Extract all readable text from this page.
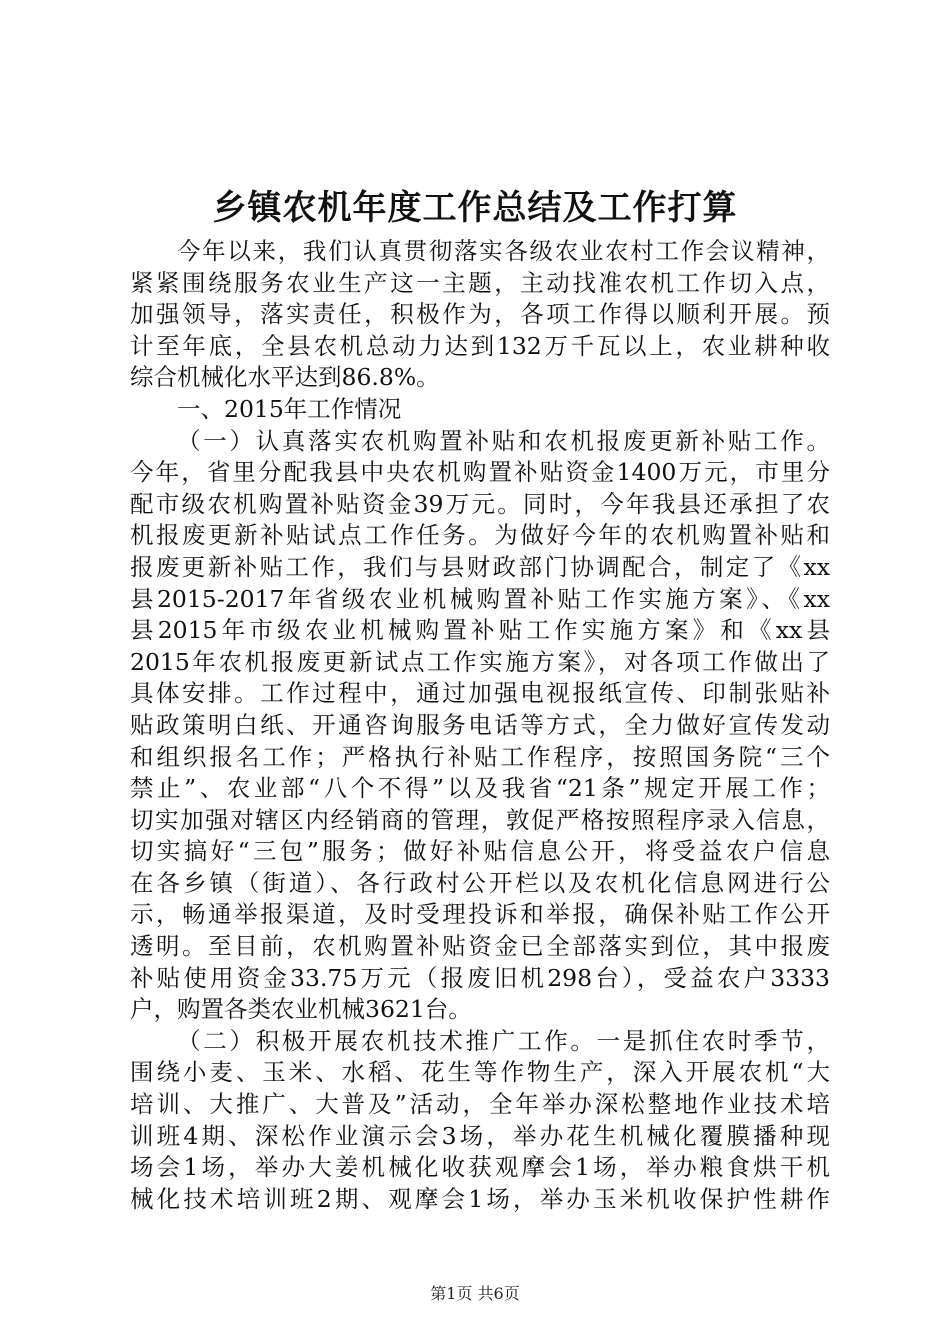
乡镇农机年度工作总结及工作打算
今年以来，我们认真贯彻落实各级农业农村工作会议精神，
紧紧围绕服务农业生产这一主题，主动找准农机工作切入点，
加强领导，落实责任，积极作为，各项工作得以顺利开展。预
计至年底，全县农机总动力达到132万千瓦以上，农业耕种收
综合机械化水平达到86.8%。
一、2015年工作情况
（一）认真落实农机购置补贴和农机报废更新补贴工作。
今年，省里分配我县中央农机购置补贴资金1400万元，市里分
配市级农机购置补贴资金39万元。同时，今年我县还承担了农
机报废更新补贴试点工作任务。为做好今年的农机购置补贴和
报废更新补贴工作，我们与县财政部门协调配合，制定了《xx
县2015-2017年省级农业机械购置补贴工作实施方案》、《xx
县2015年市级农业机械购置补贴工作实施方案》和《xx县
2015年农机报废更新试点工作实施方案》，对各项工作做出了
具体安排。工作过程中，通过加强电视报纸宣传、印制张贴补
贴政策明白纸、开通咨询服务电话等方式，全力做好宣传发动
和组织报名工作；严格执行补贴工作程序，按照国务院“三个
禁止”、农业部“八个不得”以及我省“21条”规定开展工作；
切实加强对辖区内经销商的管理，敦促严格按照程序录入信息，
切实搞好“三包”服务；做好补贴信息公开，将受益农户信息
在各乡镇（街道）、各行政村公开栏以及农机化信息网进行公
示，畅通举报渠道，及时受理投诉和举报，确保补贴工作公开
透明。至目前，农机购置补贴资金已全部落实到位，其中报废
补贴使用资金33.75万元（报废旧机298台），受益农户3333
户，购置各类农业机械3621台。
（二）积极开展农机技术推广工作。一是抓住农时季节，
围绕小麦、玉米、水稻、花生等作物生产，深入开展农机“大
培训、大推广、大普及”活动，全年举办深松整地作业技术培
训班4期、深松作业演示会3场，举办花生机械化覆膜播种现
场会1场，举办大姜机械化收获观摩会1场，举办粮食烘干机
械化技术培训班2期、观摩会1场，举办玉米机收保护性耕作
第1页 共6页
